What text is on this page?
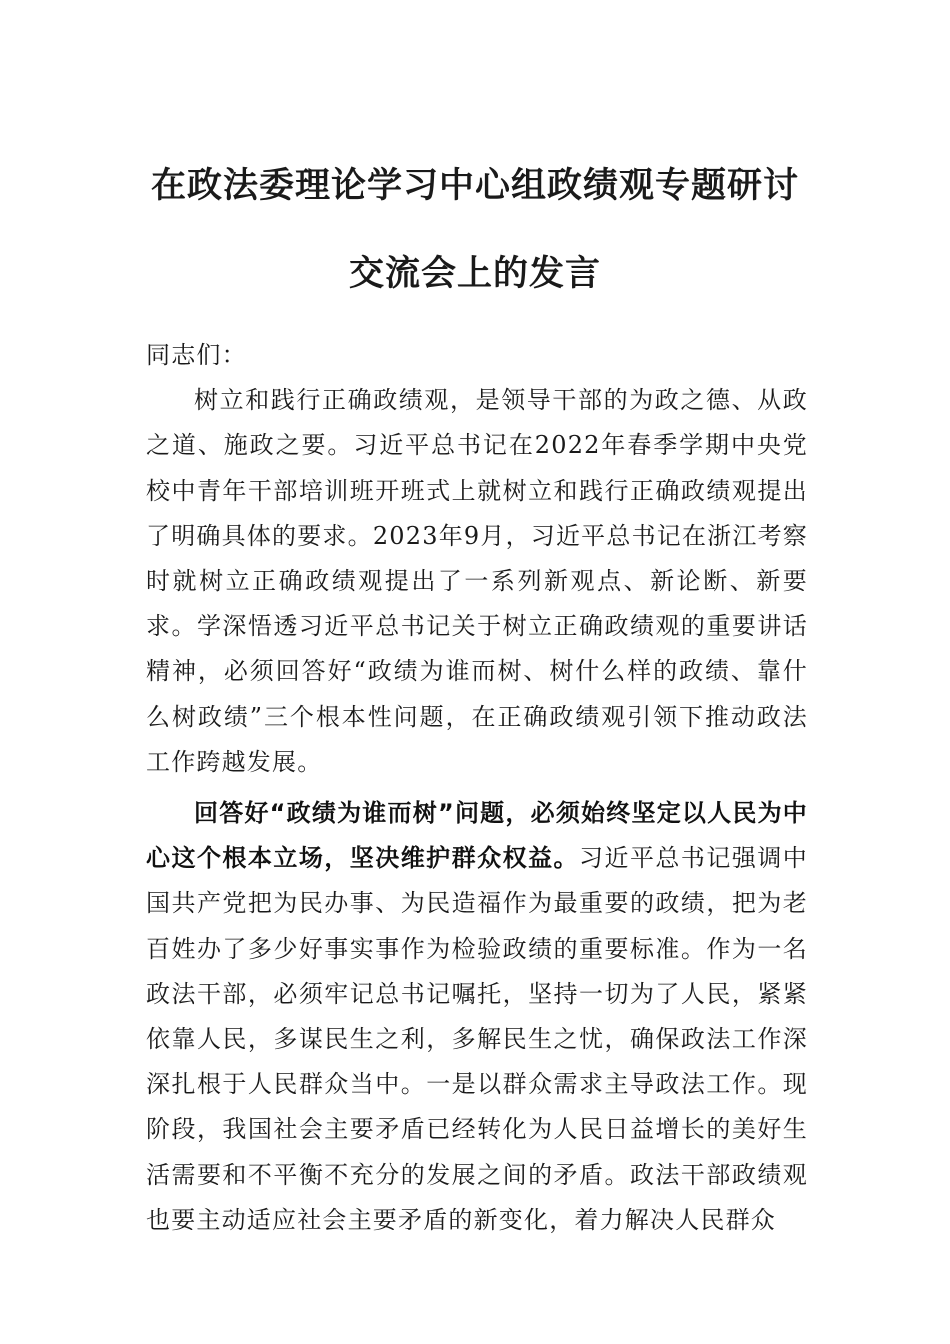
在政法委理论学习中心组政绩观专题研讨
交流会上的发言

同志们：

树立和践行正确政绩观，是领导干部的为政之德、从政之道、施政之要。习近平总书记在2022年春季学期中央党校中青年干部培训班开班式上就树立和践行正确政绩观提出了明确具体的要求。2023年9月，习近平总书记在浙江考察时就树立正确政绩观提出了一系列新观点、新论断、新要求。学深悟透习近平总书记关于树立正确政绩观的重要讲话精神，必须回答好“政绩为谁而树、树什么样的政绩、靠什么树政绩”三个根本性问题，在正确政绩观引领下推动政法工作跨越发展。

回答好“政绩为谁而树”问题，必须始终坚定以人民为中心这个根本立场，坚决维护群众权益。习近平总书记强调中国共产党把为民办事、为民造福作为最重要的政绩，把为老百姓办了多少好事实事作为检验政绩的重要标准。作为一名政法干部，必须牢记总书记嘱托，坚持一切为了人民，紧紧依靠人民，多谋民生之利，多解民生之忧，确保政法工作深深扎根于人民群众当中。一是以群众需求主导政法工作。现阶段，我国社会主要矛盾已经转化为人民日益增长的美好生活需要和不平衡不充分的发展之间的矛盾。政法干部政绩观也要主动适应社会主要矛盾的新变化，着力解决人民群众
